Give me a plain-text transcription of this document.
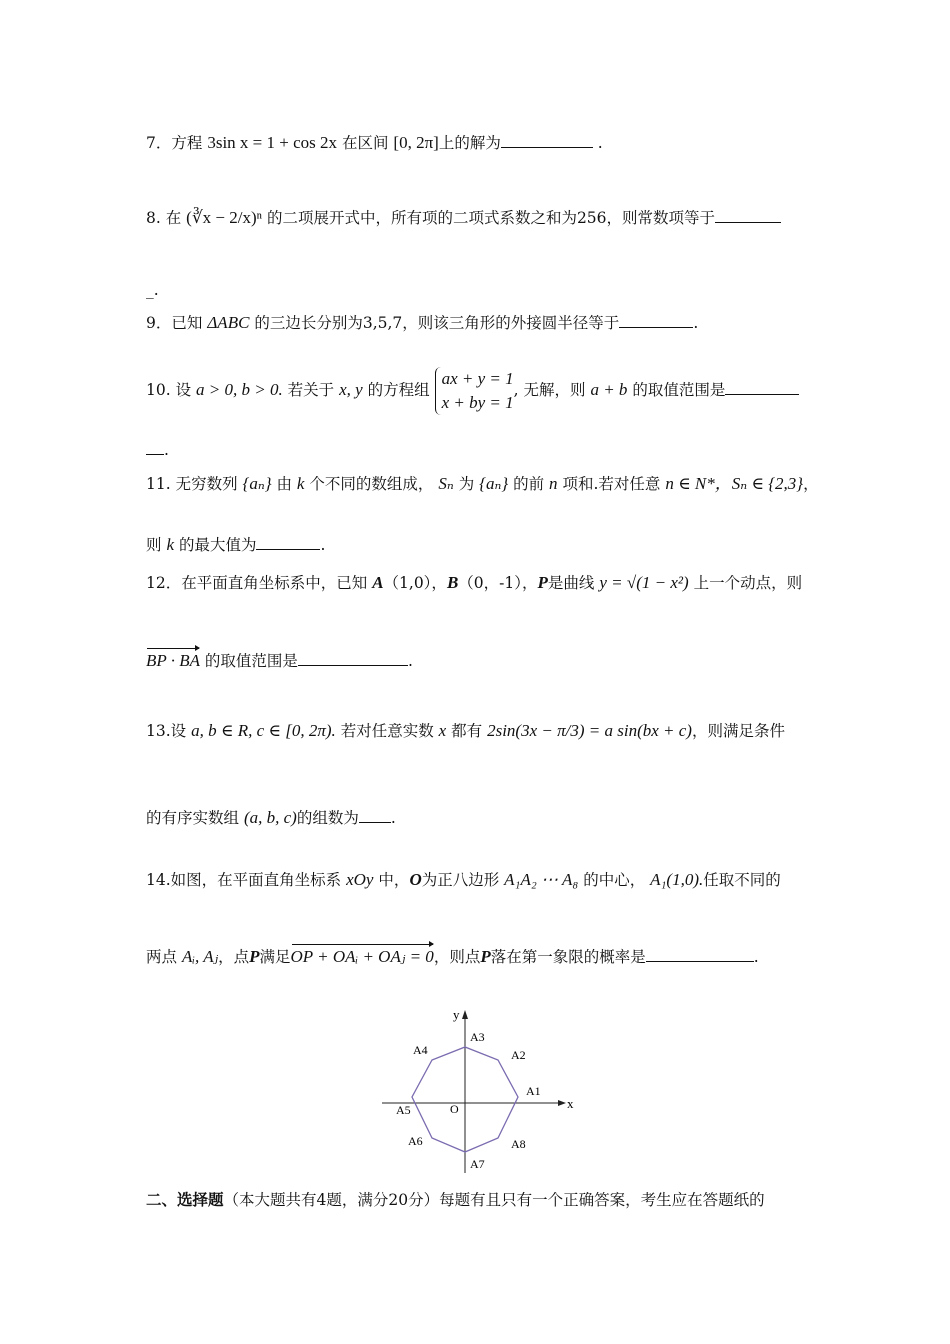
7．方程 3sin x = 1 + cos 2x 在区间 [0, 2π]上的解为	.
8. 在 (∛x − 2/x)ⁿ 的二项展开式中，所有项的二项式系数之和为256，则常数项等于
_.
9．已知 ΔABC 的三边长分别为3,5,7，则该三角形的外接圆半径等于	.
10. 设 a > 0, b > 0. 若关于 x, y 的方程组
ax + y = 1
x + by = 1
, 无解，则 a + b 的取值范围是
.
11. 无穷数列 {aₙ} 由 k 个不同的数组成， Sₙ 为 {aₙ} 的前 n 项和.若对任意 n ∈ N*，Sₙ ∈ {2,3}，
则 k 的最大值为	.
12．在平面直角坐标系中，已知 A（1,0），B（0，-1），P是曲线 y = √(1 − x²) 上一个动点，则
BP · BA 的取值范围是	.
13.设 a, b ∈ R, c ∈ [0, 2π). 若对任意实数 x 都有 2sin(3x − π/3) = a sin(bx + c)，则满足条件
的有序实数组 (a, b, c)的组数为 .
14.如图，在平面直角坐标系 xOy 中，O为正八边形 A₁A₂ ⋯ A₈ 的中心， A₁(1,0).任取不同的
两点 Aᵢ, Aⱼ，点P满足OP + OAᵢ + OAⱼ = 0，则点P落在第一象限的概率是	.
x
y
O
A1
A2
A3
A4
A5
A6
A7
A8
二、选择题（本大题共有4题，满分20分）每题有且只有一个正确答案，考生应在答题纸的
